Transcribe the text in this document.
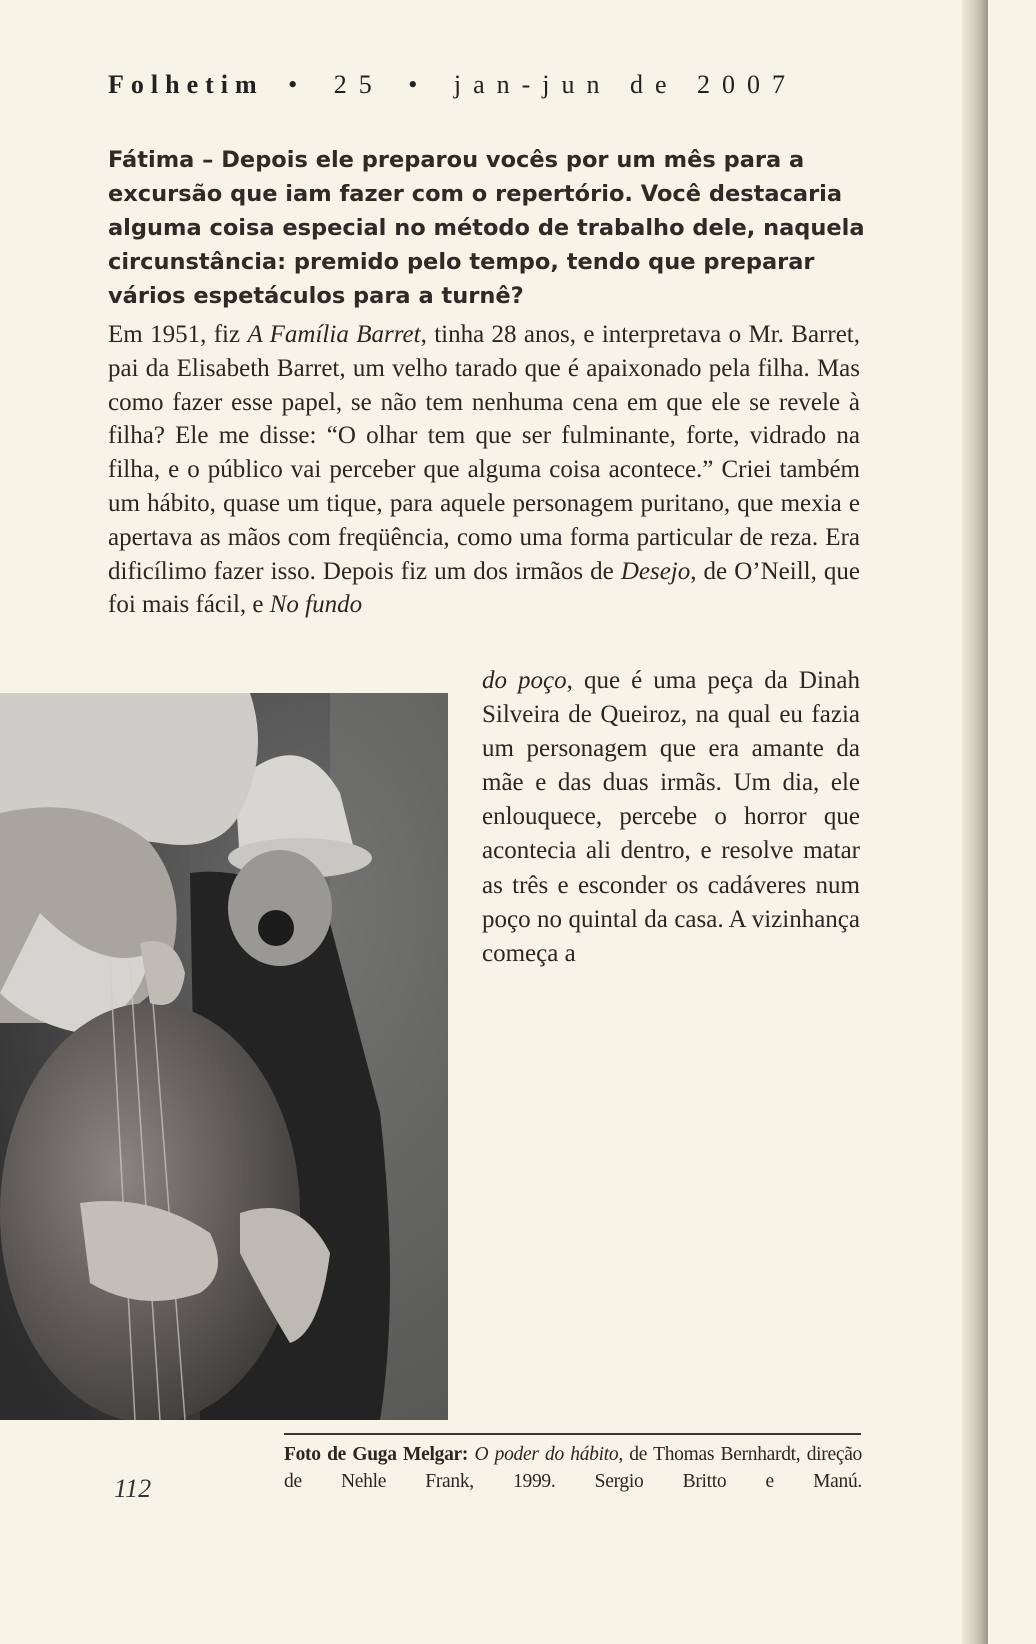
Folhetim • 25 • jan-jun de 2007
Fátima – Depois ele preparou vocês por um mês para a excursão que iam fazer com o repertório. Você destacaria alguma coisa especial no método de trabalho dele, naquela circunstância: premido pelo tempo, tendo que preparar vários espetáculos para a turnê?
Em 1951, fiz A Família Barret, tinha 28 anos, e interpretava o Mr. Barret, pai da Elisabeth Barret, um velho tarado que é apaixonado pela filha. Mas como fazer esse papel, se não tem nenhuma cena em que ele se revele à filha? Ele me disse: “O olhar tem que ser fulminante, forte, vidrado na filha, e o público vai perceber que alguma coisa acontece.” Criei também um hábito, quase um tique, para aquele personagem puritano, que mexia e apertava as mãos com freqüência, como uma forma particular de reza. Era dificílimo fazer isso. Depois fiz um dos irmãos de Desejo, de O’Neill, que foi mais fácil, e No fundo
do poço, que é uma peça da Dinah Silveira de Queiroz, na qual eu fazia um personagem que era amante da mãe e das duas irmãs. Um dia, ele enlouquece, percebe o horror que acontecia ali dentro, e resolve matar as três e esconder os cadáveres num poço no quintal da casa. A vizinhança começa a
Foto de Guga Melgar: O poder do hábito, de Thomas Bernhardt, direção de Nehle Frank, 1999. Sergio Britto e Manú.
112
